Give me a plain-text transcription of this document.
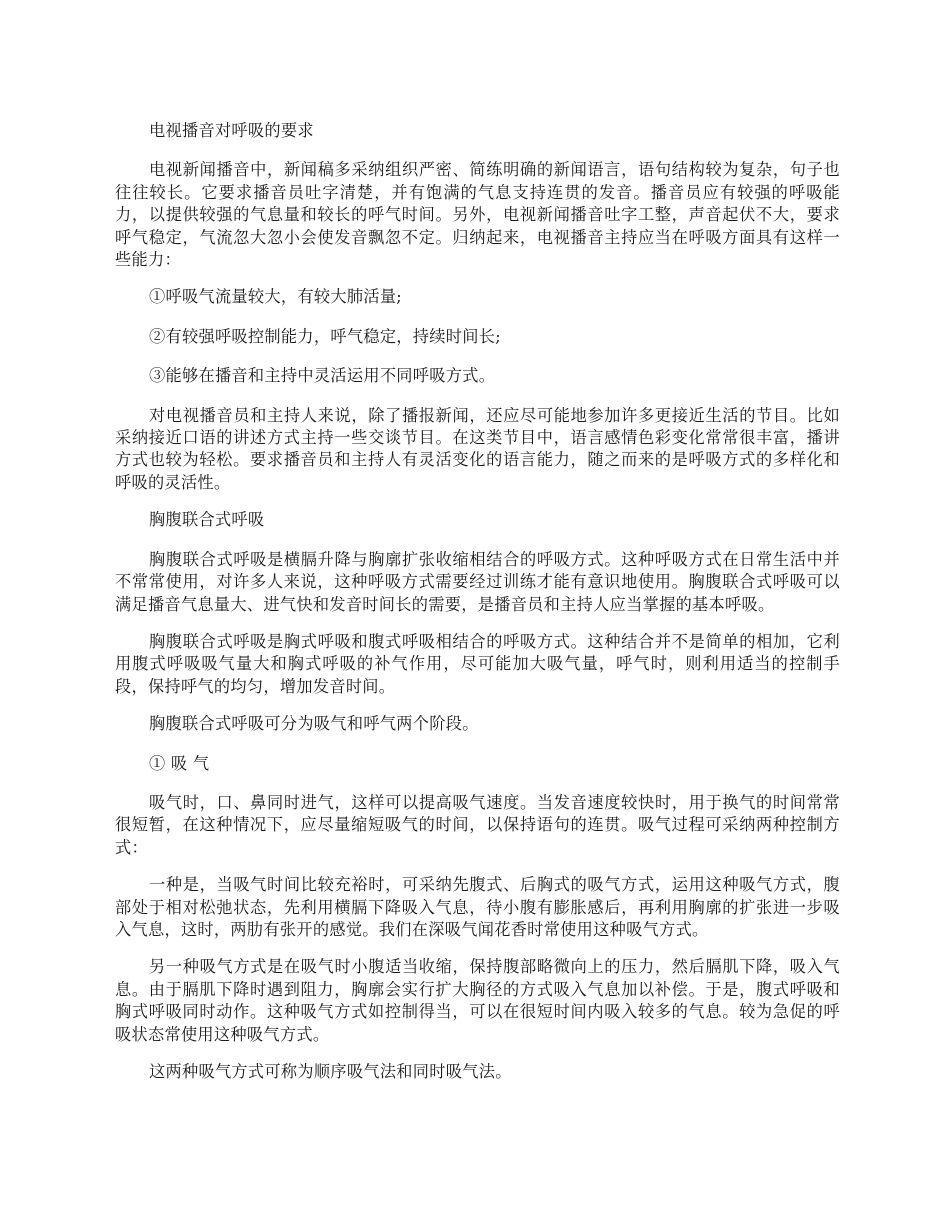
电视播音对呼吸的要求

电视新闻播音中，新闻稿多采纳组织严密、简练明确的新闻语言，语句结构较为复杂，句子也往往较长。它要求播音员吐字清楚，并有饱满的气息支持连贯的发音。播音员应有较强的呼吸能力，以提供较强的气息量和较长的呼气时间。另外，电视新闻播音吐字工整，声音起伏不大，要求呼气稳定，气流忽大忽小会使发音飘忽不定。归纳起来，电视播音主持应当在呼吸方面具有这样一些能力：

①呼吸气流量较大，有较大肺活量;

②有较强呼吸控制能力，呼气稳定，持续时间长;

③能够在播音和主持中灵活运用不同呼吸方式。

对电视播音员和主持人来说，除了播报新闻，还应尽可能地参加许多更接近生活的节目。比如采纳接近口语的讲述方式主持一些交谈节目。在这类节目中，语言感情色彩变化常常很丰富，播讲方式也较为轻松。要求播音员和主持人有灵活变化的语言能力，随之而来的是呼吸方式的多样化和呼吸的灵活性。

胸腹联合式呼吸

胸腹联合式呼吸是横膈升降与胸廓扩张收缩相结合的呼吸方式。这种呼吸方式在日常生活中并不常常使用，对许多人来说，这种呼吸方式需要经过训练才能有意识地使用。胸腹联合式呼吸可以满足播音气息量大、进气快和发音时间长的需要，是播音员和主持人应当掌握的基本呼吸。

胸腹联合式呼吸是胸式呼吸和腹式呼吸相结合的呼吸方式。这种结合并不是简单的相加，它利用腹式呼吸吸气量大和胸式呼吸的补气作用，尽可能加大吸气量，呼气时，则利用适当的控制手段，保持呼气的均匀，增加发音时间。

胸腹联合式呼吸可分为吸气和呼气两个阶段。

① 吸 气

吸气时，口、鼻同时进气，这样可以提高吸气速度。当发音速度较快时，用于换气的时间常常很短暂，在这种情况下，应尽量缩短吸气的时间，以保持语句的连贯。吸气过程可采纳两种控制方式：

一种是，当吸气时间比较充裕时，可采纳先腹式、后胸式的吸气方式，运用这种吸气方式，腹部处于相对松弛状态，先利用横膈下降吸入气息，待小腹有膨胀感后，再利用胸廓的扩张进一步吸入气息，这时，两肋有张开的感觉。我们在深吸气闻花香时常使用这种吸气方式。

另一种吸气方式是在吸气时小腹适当收缩，保持腹部略微向上的压力，然后膈肌下降，吸入气息。由于膈肌下降时遇到阻力，胸廓会实行扩大胸径的方式吸入气息加以补偿。于是，腹式呼吸和胸式呼吸同时动作。这种吸气方式如控制得当，可以在很短时间内吸入较多的气息。较为急促的呼吸状态常使用这种吸气方式。

这两种吸气方式可称为顺序吸气法和同时吸气法。
